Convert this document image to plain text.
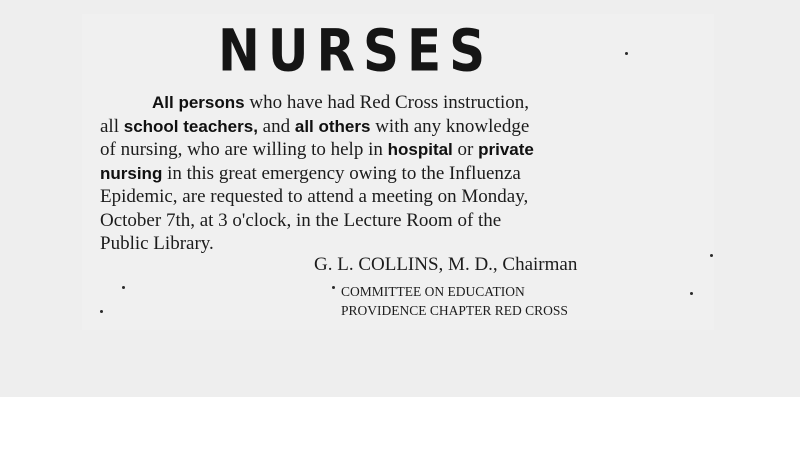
NURSES
All persons who have had Red Cross instruction,
all school teachers, and all others with any knowledge
of nursing, who are willing to help in hospital or private
nursing in this great emergency owing to the Influenza
Epidemic, are requested to attend a meeting on Monday,
October 7th, at 3 o'clock, in the Lecture Room of the
Public Library.
G. L. COLLINS, M. D., Chairman
COMMITTEE ON EDUCATION
PROVIDENCE CHAPTER RED CROSS
